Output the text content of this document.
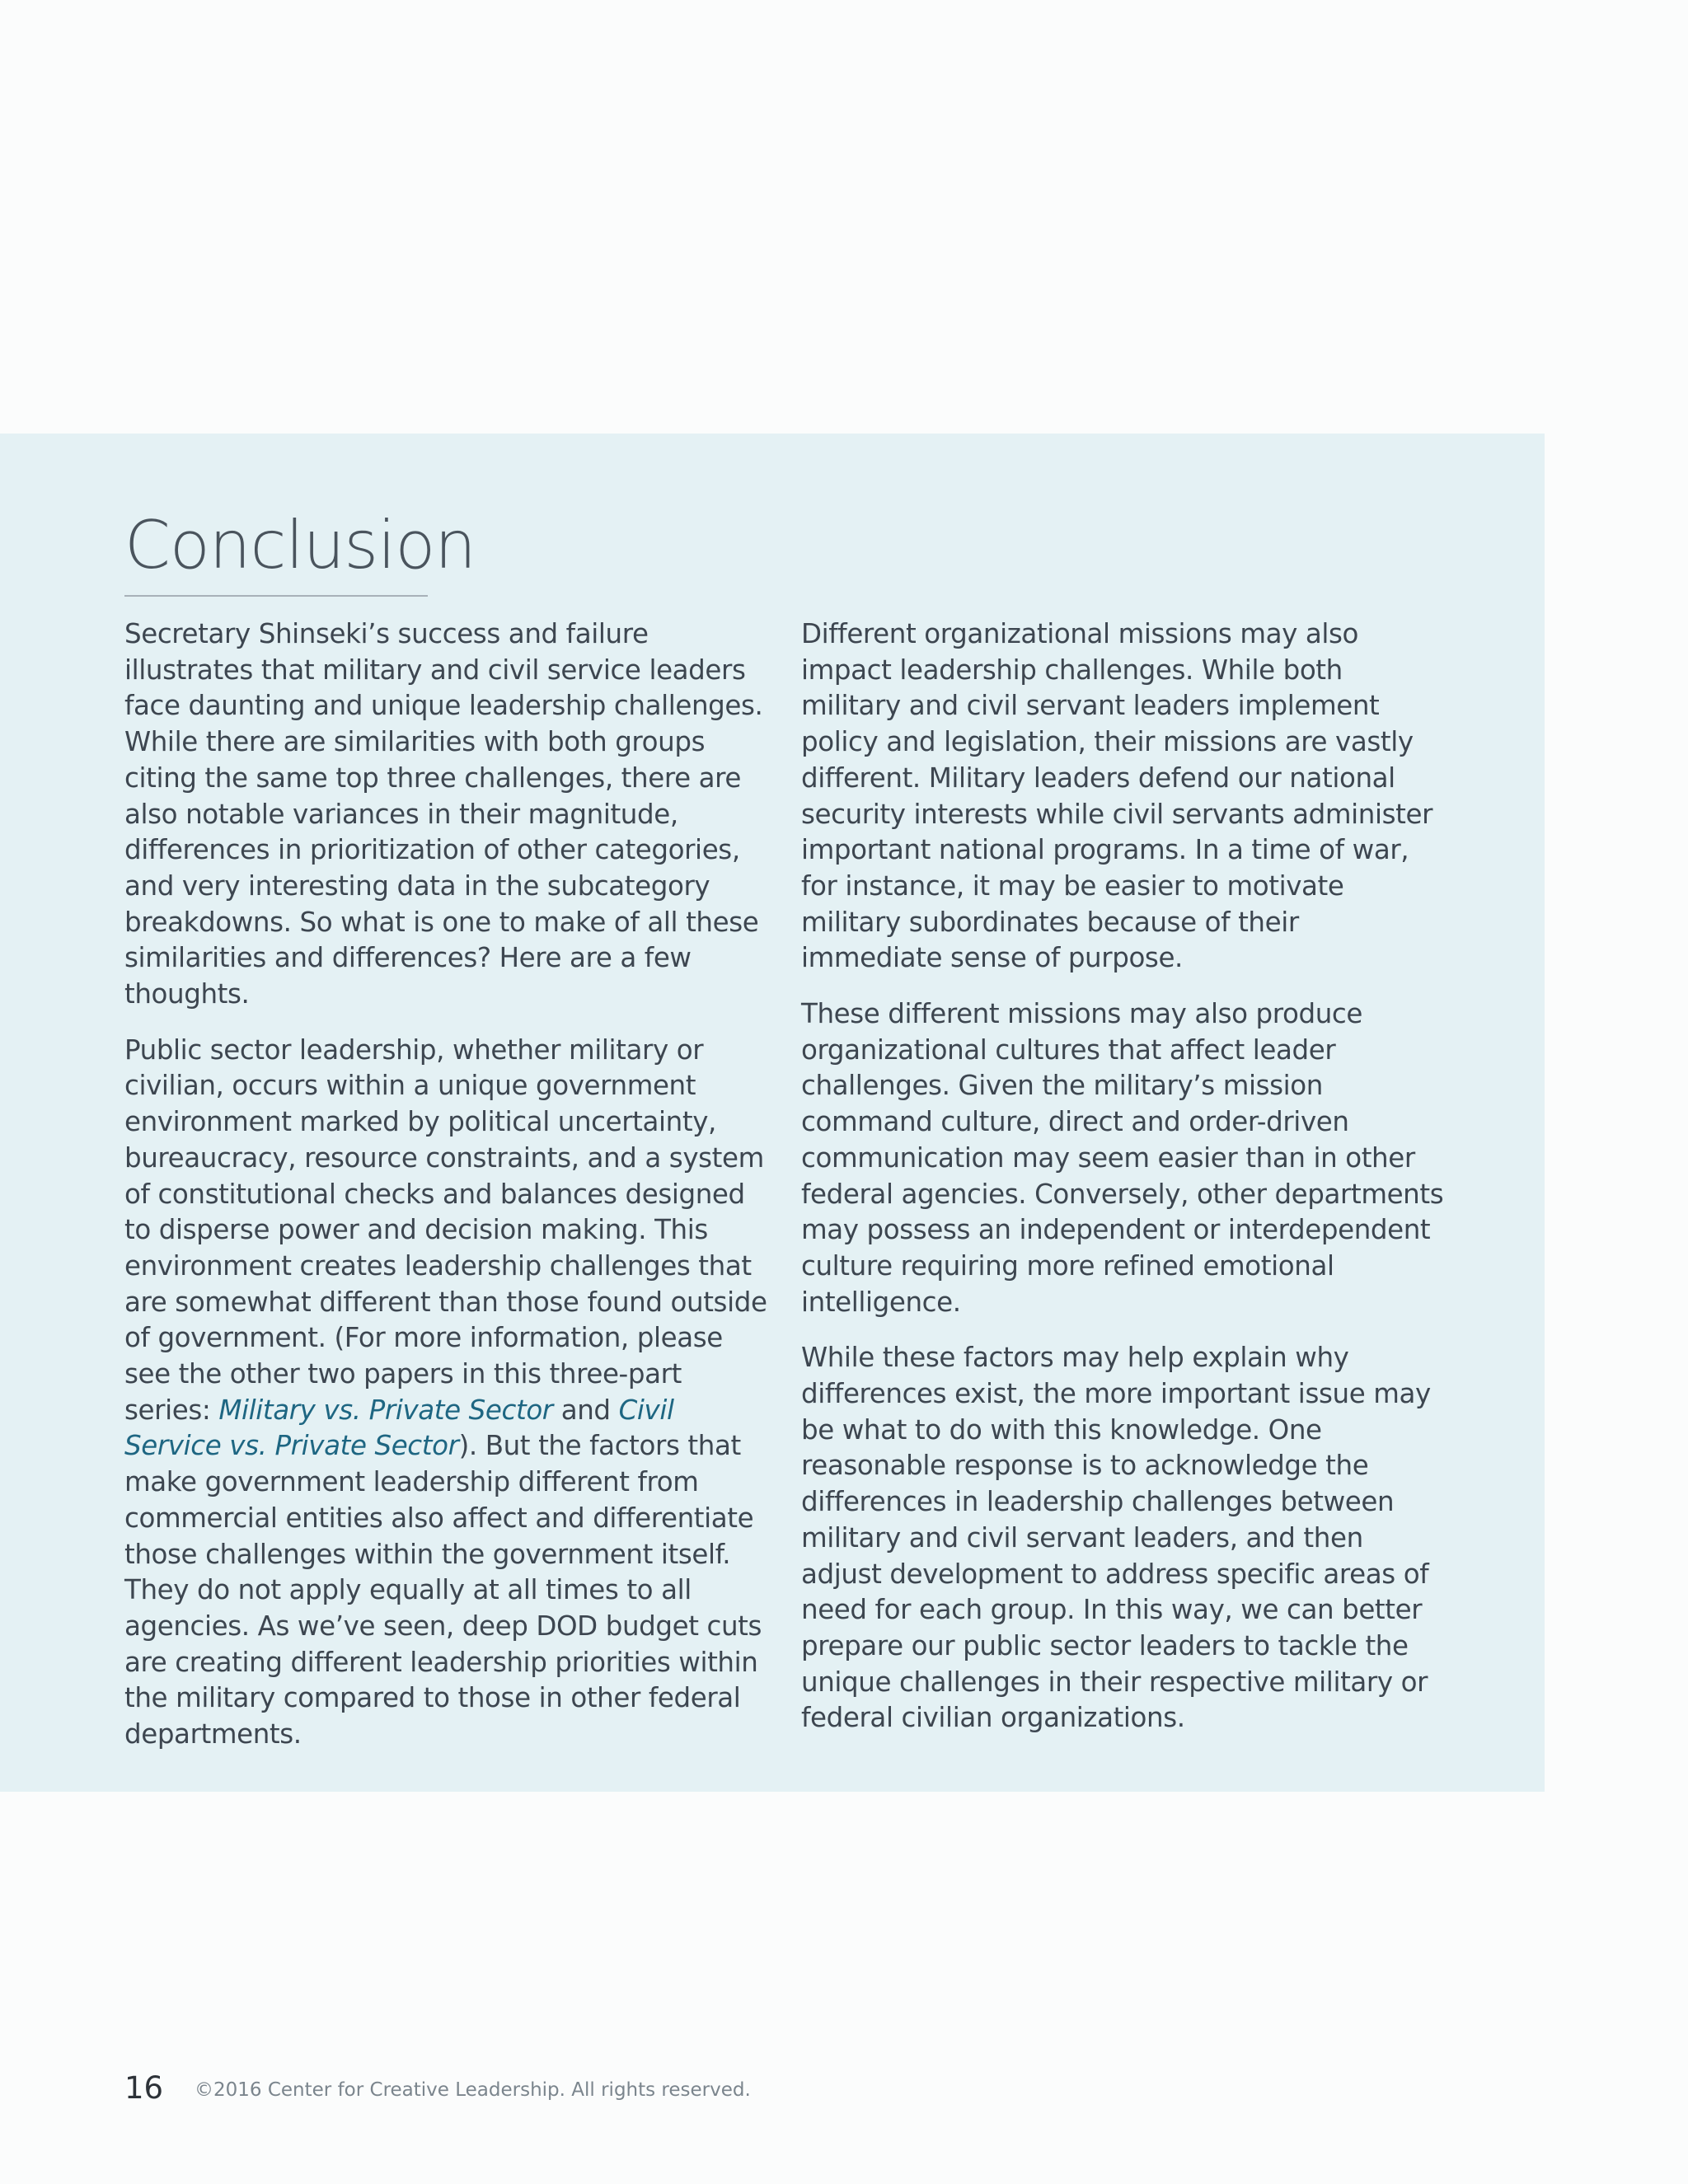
Conclusion

Secretary Shinseki’s success and failure illustrates that military and civil service leaders face daunting and unique leadership challenges. While there are similarities with both groups citing the same top three challenges, there are also notable variances in their magnitude, differences in prioritization of other categories, and very interesting data in the subcategory breakdowns. So what is one to make of all these similarities and differences? Here are a few thoughts.

Public sector leadership, whether military or civilian, occurs within a unique government environment marked by political uncertainty, bureaucracy, resource constraints, and a system of constitutional checks and balances designed to disperse power and decision making. This environment creates leadership challenges that are somewhat different than those found outside of government. (For more information, please see the other two papers in this three-part series: Military vs. Private Sector and Civil Service vs. Private Sector). But the factors that make government leadership different from commercial entities also affect and differentiate those challenges within the government itself. They do not apply equally at all times to all agencies. As we’ve seen, deep DOD budget cuts are creating different leadership priorities within the military compared to those in other federal departments.

Different organizational missions may also impact leadership challenges. While both military and civil servant leaders implement policy and legislation, their missions are vastly different. Military leaders defend our national security interests while civil servants administer important national programs. In a time of war, for instance, it may be easier to motivate military subordinates because of their immediate sense of purpose.

These different missions may also produce organizational cultures that affect leader challenges. Given the military’s mission command culture, direct and order-driven communication may seem easier than in other federal agencies. Conversely, other departments may possess an independent or interdependent culture requiring more refined emotional intelligence.

While these factors may help explain why differences exist, the more important issue may be what to do with this knowledge. One reasonable response is to acknowledge the differences in leadership challenges between military and civil servant leaders, and then adjust development to address specific areas of need for each group. In this way, we can better prepare our public sector leaders to tackle the unique challenges in their respective military or federal civilian organizations.

16 ©2016 Center for Creative Leadership. All rights reserved.
